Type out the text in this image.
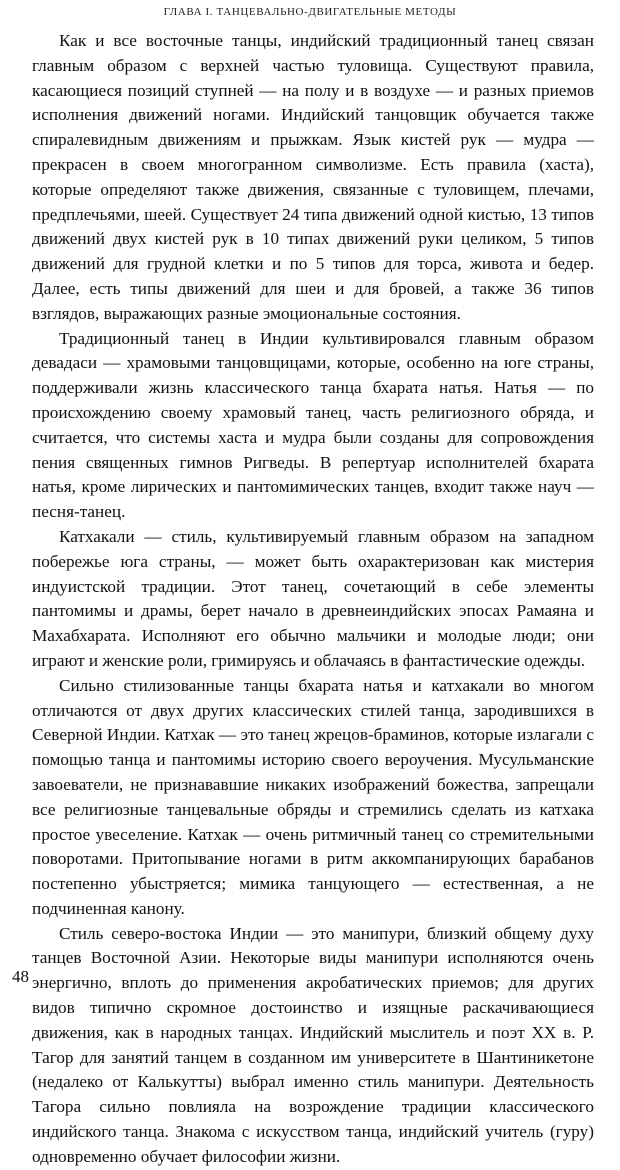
ГЛАВА I. ТАНЦЕВАЛЬНО-ДВИГАТЕЛЬНЫЕ МЕТОДЫ

Как и все восточные танцы, индийский традиционный танец связан главным образом с верхней частью туловища. Существуют правила, касающиеся позиций ступней — на полу и в воздухе — и разных приемов исполнения движений ногами. Индийский танцовщик обучается также спиралевидным движениям и прыжкам. Язык кистей рук — мудра — прекрасен в своем многогранном символизме. Есть правила (хаста), которые определяют также движения, связанные с туловищем, плечами, предплечьями, шеей. Существует 24 типа движений одной кистью, 13 типов движений двух кистей рук в 10 типах движений руки целиком, 5 типов движений для грудной клетки и по 5 типов для торса, живота и бедер. Далее, есть типы движений для шеи и для бровей, а также 36 типов взглядов, выражающих разные эмоциональные состояния.

Традиционный танец в Индии культивировался главным образом девадаси — храмовыми танцовщицами, которые, особенно на юге страны, поддерживали жизнь классического танца бхарата натья. Натья — по происхождению своему храмовый танец, часть религиозного обряда, и считается, что системы хаста и мудра были созданы для сопровождения пения священных гимнов Ригведы. В репертуар исполнителей бхарата натья, кроме лирических и пантомимических танцев, входит также науч — песня-танец.

Катхакали — стиль, культивируемый главным образом на западном побережье юга страны, — может быть охарактеризован как мистерия индуистской традиции. Этот танец, сочетающий в себе элементы пантомимы и драмы, берет начало в древнеиндийских эпосах Рамаяна и Махабхарата. Исполняют его обычно мальчики и молодые люди; они играют и женские роли, гримируясь и облачаясь в фантастические одежды.

Сильно стилизованные танцы бхарата натья и катхакали во многом отличаются от двух других классических стилей танца, зародившихся в Северной Индии. Катхак — это танец жрецов-браминов, которые излагали с помощью танца и пантомимы историю своего вероучения. Мусульманские завоеватели, не признававшие никаких изображений божества, запрещали все религиозные танцевальные обряды и стремились сделать из катхака простое увеселение. Катхак — очень ритмичный танец со стремительными поворотами. Притопывание ногами в ритм аккомпанирующих барабанов постепенно убыстряется; мимика танцующего — естественная, а не подчиненная канону.

Стиль северо-востока Индии — это манипури, близкий общему духу танцев Восточной Азии. Некоторые виды манипури исполняются очень энергично, вплоть до применения акробатических приемов; для других видов типично скромное достоинство и изящные раскачивающиеся движения, как в народных танцах. Индийский мыслитель и поэт XX в. Р. Тагор для занятий танцем в созданном им университете в Шантиникетоне (недалеко от Калькутты) выбрал именно стиль манипури. Деятельность Тагора сильно повлияла на возрождение традиции классического индийского танца. Знакома с искусством танца, индийский учитель (гуру) одновременно обучает философии жизни.

48
